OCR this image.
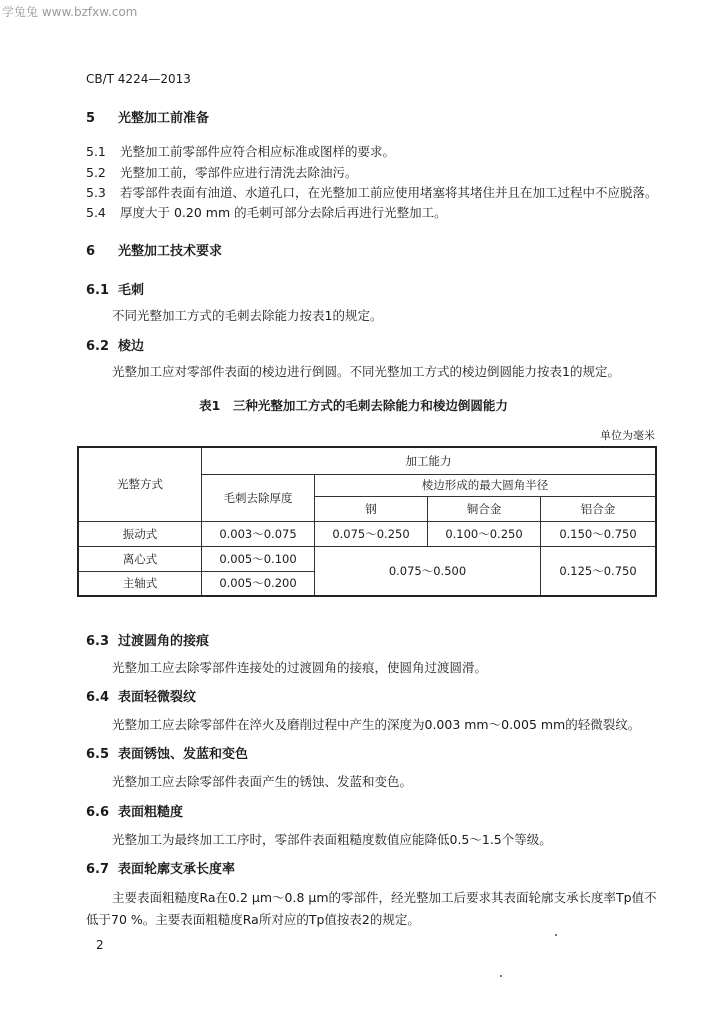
学兔兔 www.bzfxw.com
CB/T 4224—2013
5 光整加工前准备
5.1 光整加工前零部件应符合相应标准或图样的要求。
5.2 光整加工前，零部件应进行清洗去除油污。
5.3 若零部件表面有油道、水道孔口，在光整加工前应使用堵塞将其堵住并且在加工过程中不应脱落。
5.4 厚度大于 0.20 mm 的毛刺可部分去除后再进行光整加工。
6 光整加工技术要求
6.1 毛刺
不同光整加工方式的毛刺去除能力按表1的规定。
6.2 棱边
光整加工应对零部件表面的棱边进行倒圆。不同光整加工方式的棱边倒圆能力按表1的规定。
表1　三种光整加工方式的毛刺去除能力和棱边倒圆能力
单位为毫米
光整方式	加工能力			
	毛刺去除厚度	棱边形成的最大圆角半径		
		钢	铜合金	铝合金
振动式	0.003～0.075	0.075～0.250	0.100～0.250	0.150～0.750
离心式	0.005～0.100	0.075～0.500		0.125～0.750
主轴式	0.005～0.200			
6.3 过渡圆角的接痕
光整加工应去除零部件连接处的过渡圆角的接痕，使圆角过渡圆滑。
6.4 表面轻微裂纹
光整加工应去除零部件在淬火及磨削过程中产生的深度为0.003 mm～0.005 mm的轻微裂纹。
6.5 表面锈蚀、发蓝和变色
光整加工应去除零部件表面产生的锈蚀、发蓝和变色。
6.6 表面粗糙度
光整加工为最终加工工序时，零部件表面粗糙度数值应能降低0.5～1.5个等级。
6.7 表面轮廓支承长度率
主要表面粗糙度Ra在0.2 μm～0.8 μm的零部件，经光整加工后要求其表面轮廓支承长度率Tp值不
低于70 %。主要表面粗糙度Ra所对应的Tp值按表2的规定。
2
